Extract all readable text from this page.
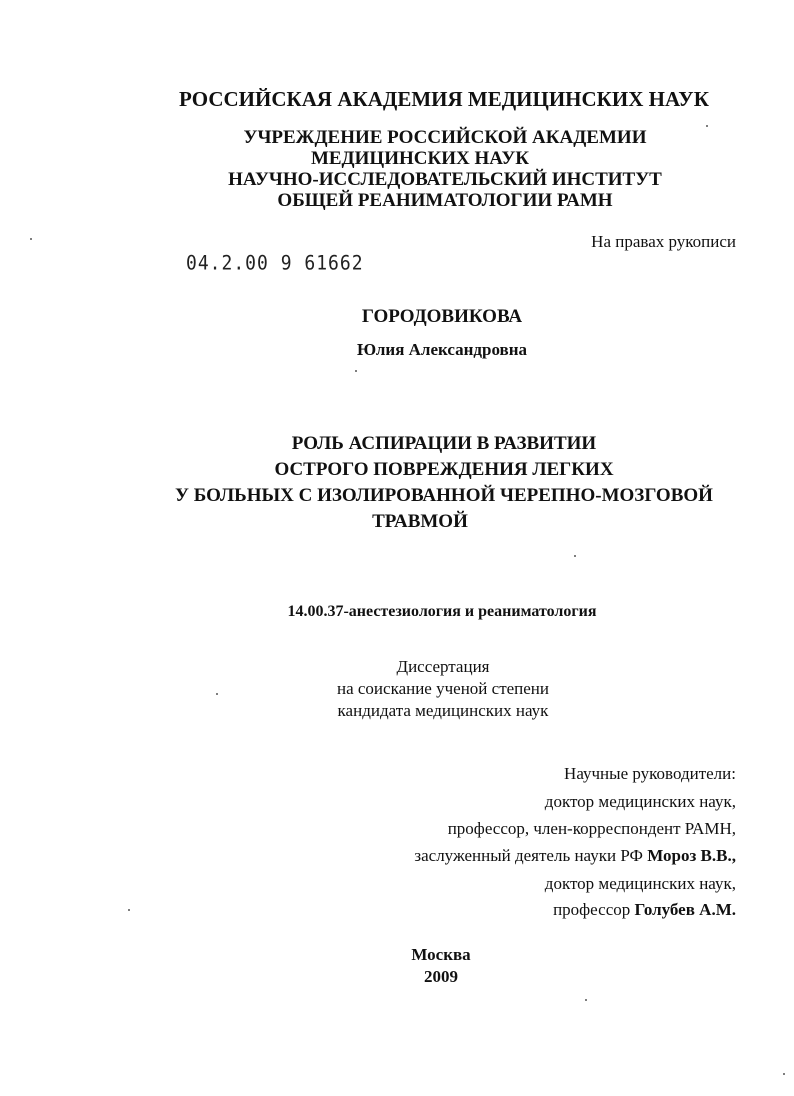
РОССИЙСКАЯ АКАДЕМИЯ МЕДИЦИНСКИХ НАУК
УЧРЕЖДЕНИЕ РОССИЙСКОЙ АКАДЕМИИ
МЕДИЦИНСКИХ НАУК
НАУЧНО-ИССЛЕДОВАТЕЛЬСКИЙ ИНСТИТУТ
ОБЩЕЙ РЕАНИМАТОЛОГИИ РАМН
На правах рукописи
04.2.00 9 61662
ГОРОДОВИКОВА
Юлия Александровна
РОЛЬ АСПИРАЦИИ В РАЗВИТИИ
ОСТРОГО ПОВРЕЖДЕНИЯ ЛЕГКИХ
У БОЛЬНЫХ С ИЗОЛИРОВАННОЙ ЧЕРЕПНО-МОЗГОВОЙ
ТРАВМОЙ
14.00.37-анестезиология и реаниматология
Диссертация
на соискание ученой степени
кандидата медицинских наук
Научные руководители:
доктор медицинских наук,
профессор, член-корреспондент РАМН,
заслуженный деятель науки РФ Мороз В.В.,
доктор медицинских наук,
профессор Голубев А.М.
Москва
2009
